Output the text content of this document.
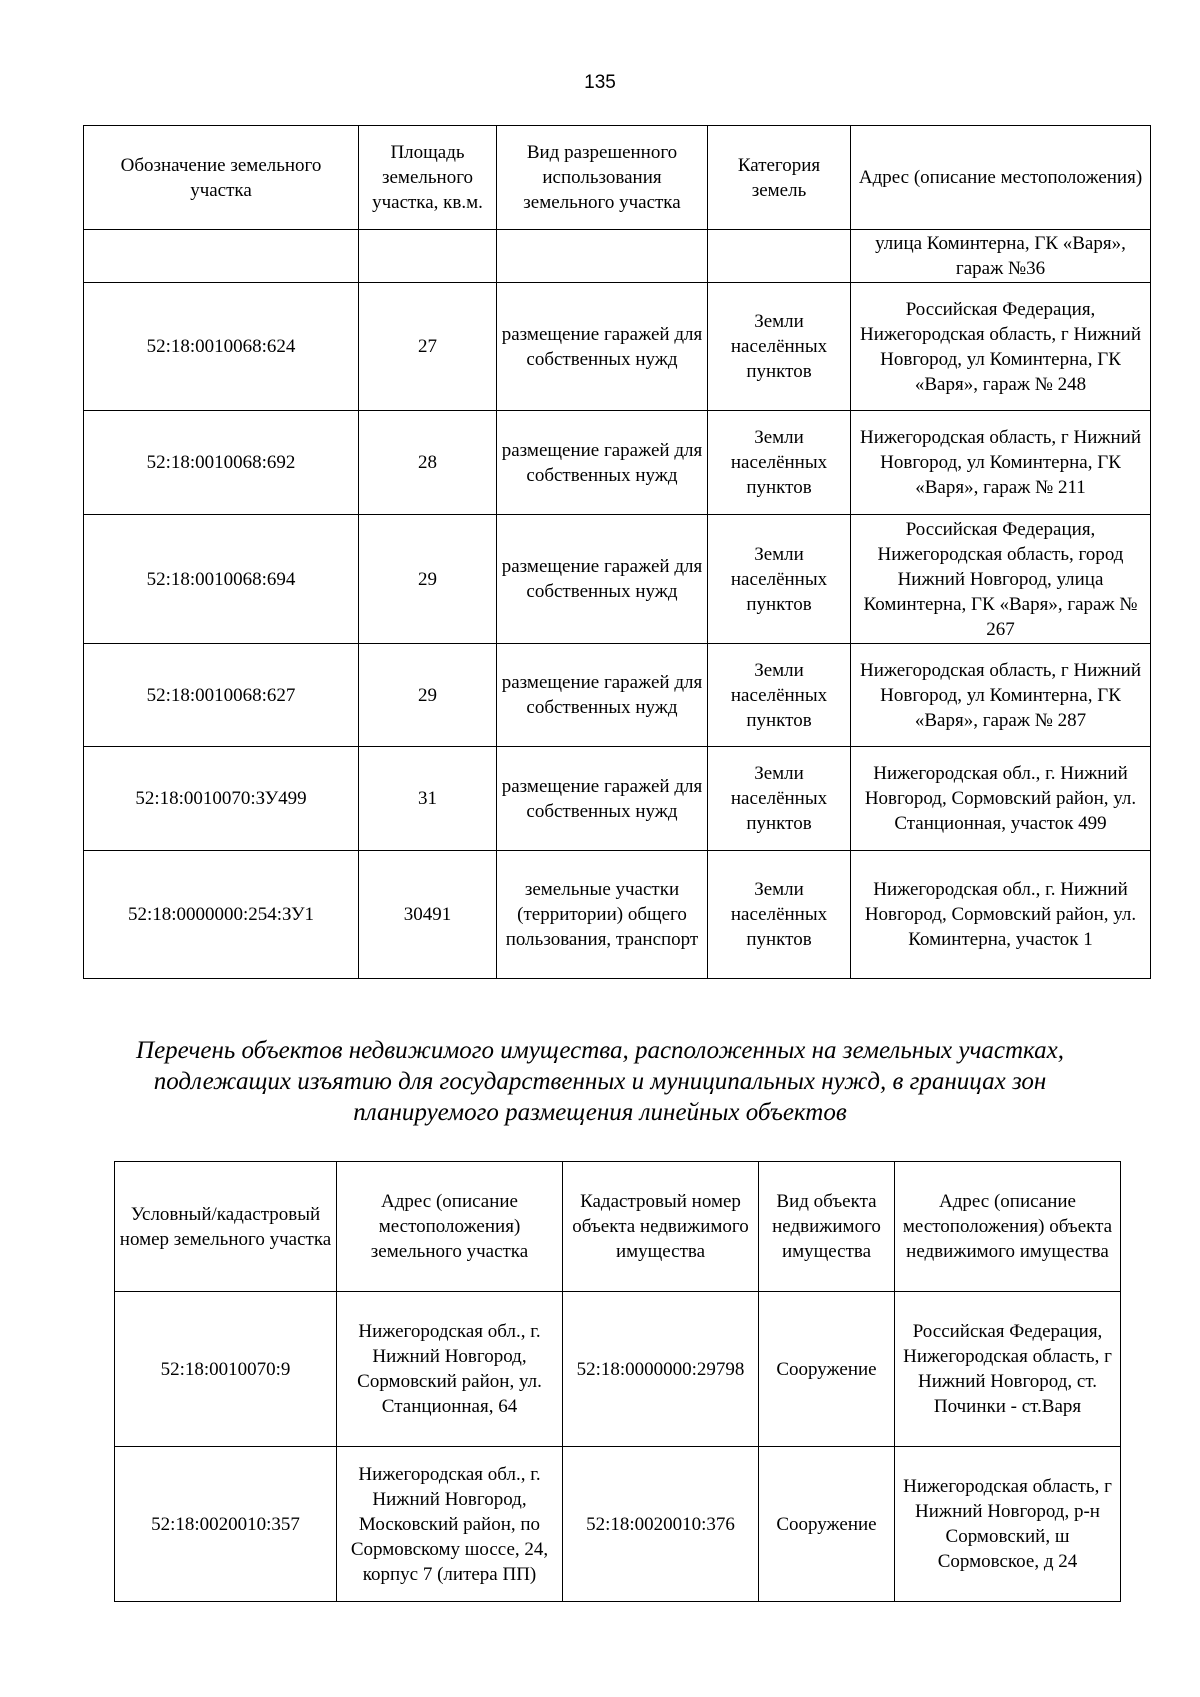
135
Обозначение земельного участка	Площадь земельного участка, кв.м.	Вид разрешенного использования земельного участка	Категория земель	Адрес (описание местоположения)
				улица Коминтерна, ГК «Варя», гараж №36
52:18:0010068:624	27	размещение гаражей для собственных нужд	Земли населённых пунктов	Российская Федерация, Нижегородская область, г Нижний Новгород, ул Коминтерна, ГК «Варя», гараж № 248
52:18:0010068:692	28	размещение гаражей для собственных нужд	Земли населённых пунктов	Нижегородская область, г Нижний Новгород, ул Коминтерна, ГК «Варя», гараж № 211
52:18:0010068:694	29	размещение гаражей для собственных нужд	Земли населённых пунктов	Российская Федерация, Нижегородская область, город Нижний Новгород, улица Коминтерна, ГК «Варя», гараж № 267
52:18:0010068:627	29	размещение гаражей для собственных нужд	Земли населённых пунктов	Нижегородская область, г Нижний Новгород, ул Коминтерна, ГК «Варя», гараж № 287
52:18:0010070:ЗУ499	31	размещение гаражей для собственных нужд	Земли населённых пунктов	Нижегородская обл., г. Нижний Новгород, Сормовский район, ул. Станционная, участок 499
52:18:0000000:254:ЗУ1	30491	земельные участки (территории) общего пользования, транспорт	Земли населённых пунктов	Нижегородская обл., г. Нижний Новгород, Сормовский район, ул. Коминтерна, участок 1
Перечень объектов недвижимого имущества, расположенных на земельных участках, подлежащих изъятию для государственных и муниципальных нужд, в границах зон планируемого размещения линейных объектов
Условный/кадастровый номер земельного участка	Адрес (описание местоположения) земельного участка	Кадастровый номер объекта недвижимого имущества	Вид объекта недвижимого имущества	Адрес (описание местоположения) объекта недвижимого имущества
52:18:0010070:9	Нижегородская обл., г. Нижний Новгород, Сормовский район, ул. Станционная, 64	52:18:0000000:29798	Сооружение	Российская Федерация, Нижегородская область, г Нижний Новгород, ст. Починки - ст.Варя
52:18:0020010:357	Нижегородская обл., г. Нижний Новгород, Московский район, по Сормовскому шоссе, 24, корпус 7 (литера ПП)	52:18:0020010:376	Сооружение	Нижегородская область, г Нижний Новгород, р-н Сормовский, ш Сормовское, д 24
